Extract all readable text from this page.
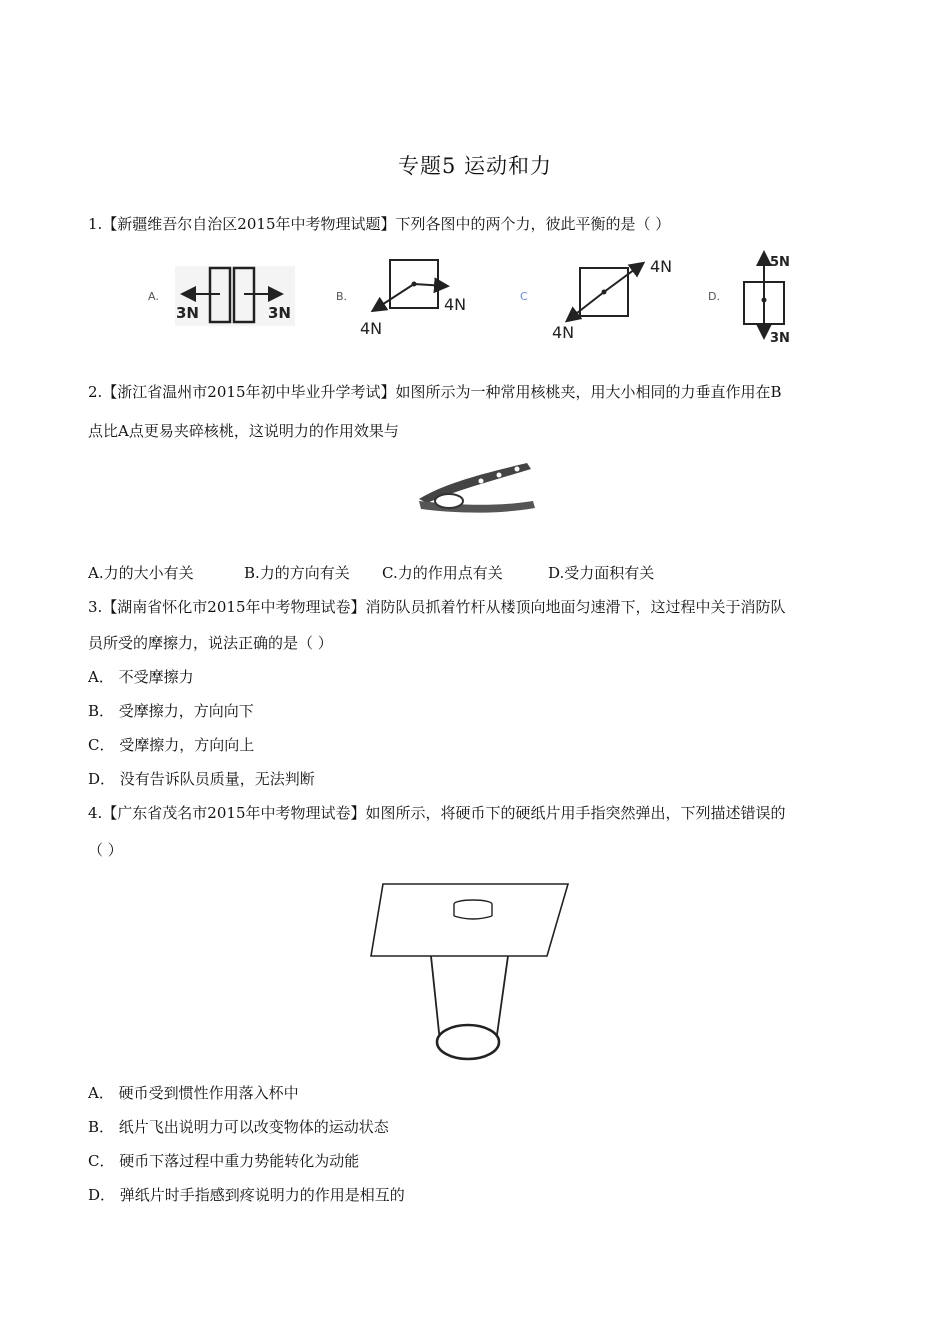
专题5 运动和力
1.【新疆维吾尔自治区2015年中考物理试题】下列各图中的两个力，彼此平衡的是（ ）
A.
3N	3N
B.	4N
4N
C
4N
4N
D.
5N
3N
2.【浙江省温州市2015年初中毕业升学考试】如图所示为一种常用核桃夹，用大小相同的力垂直作用在B
点比A点更易夹碎核桃，这说明力的作用效果与
A.力的大小有关	B.力的方向有关 C.力的作用点有关	D.受力面积有关
3.【湖南省怀化市2015年中考物理试卷】消防队员抓着竹杆从楼顶向地面匀速滑下，这过程中关于消防队
员所受的摩擦力，说法正确的是（ ）
A． 不受摩擦力
B． 受摩擦力，方向向下
C． 受摩擦力，方向向上
D． 没有告诉队员质量，无法判断
4.【广东省茂名市2015年中考物理试卷】如图所示，将硬币下的硬纸片用手指突然弹出，下列描述错误的
（ ）
A． 硬币受到惯性作用落入杯中
B． 纸片飞出说明力可以改变物体的运动状态
C． 硬币下落过程中重力势能转化为动能
D． 弹纸片时手指感到疼说明力的作用是相互的
